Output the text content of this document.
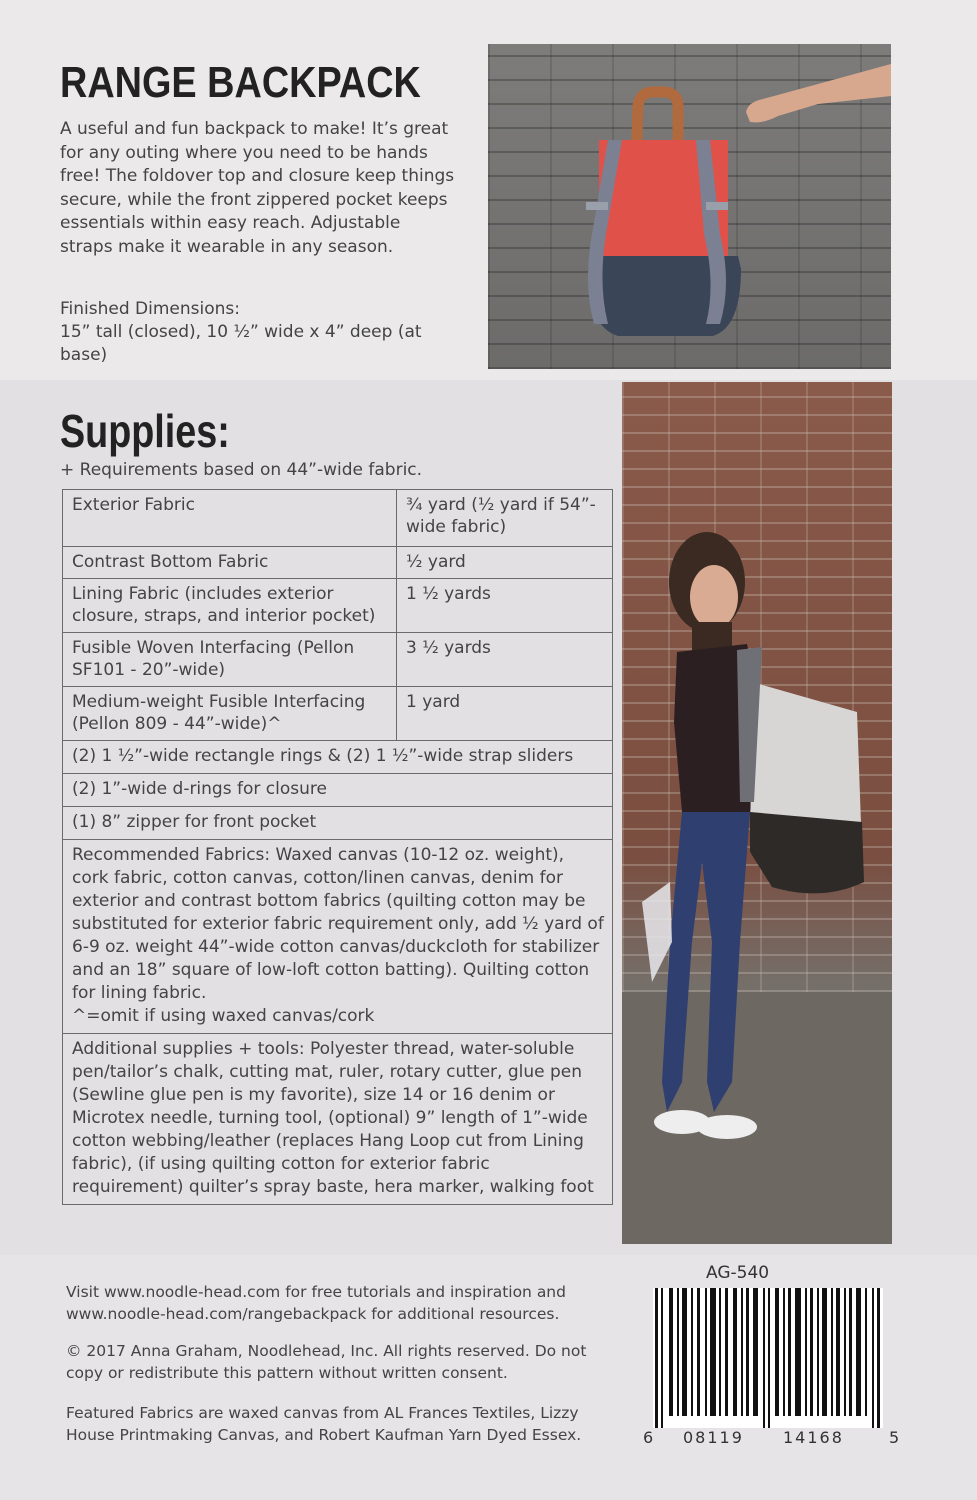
RANGE BACKPACK

A useful and fun backpack to make! It’s great for any outing where you need to be hands free! The foldover top and closure keep things secure, while the front zippered pocket keeps essentials within easy reach. Adjustable straps make it wearable in any season.

Finished Dimensions:

15” tall (closed), 10 ½” wide x 4” deep (at base)

Supplies:

+ Requirements based on 44”-wide fabric.

Exterior Fabric	¾ yard (½ yard if 54”-wide fabric)
Contrast Bottom Fabric	½ yard
Lining Fabric (includes exterior closure, straps, and interior pocket)	1 ½ yards
Fusible Woven Interfacing (Pellon SF101 - 20”-wide)	3 ½ yards
Medium-weight Fusible Interfacing (Pellon 809 - 44”-wide)^	1 yard
(2) 1 ½”-wide rectangle rings & (2) 1 ½”-wide strap sliders	
(2) 1”-wide d-rings for closure	
(1) 8” zipper for front pocket	

Recommended Fabrics: Waxed canvas (10-12 oz. weight), cork fabric, cotton canvas, cotton/linen canvas, denim for exterior and contrast bottom fabrics (quilting cotton may be substituted for exterior fabric requirement only, add ½ yard of 6-9 oz. weight 44”-wide cotton canvas/duckcloth for stabilizer and an 18” square of low-loft cotton batting). Quilting cotton for lining fabric.
^=omit if using waxed canvas/cork	

Additional supplies + tools: Polyester thread, water-soluble pen/tailor’s chalk, cutting mat, ruler, rotary cutter, glue pen (Sewline glue pen is my favorite), size 14 or 16 denim or Microtex needle, turning tool, (optional) 9” length of 1”-wide cotton webbing/leather (replaces Hang Loop cut from Lining fabric), (if using quilting cotton for exterior fabric requirement) quilter’s spray baste, hera marker, walking foot	

Visit www.noodle-head.com for free tutorials and inspiration and www.noodle-head.com/rangebackpack for additional resources.

© 2017 Anna Graham, Noodlehead, Inc. All rights reserved. Do not copy or redistribute this pattern without written consent.

Featured Fabrics are waxed canvas from AL Frances Textiles, Lizzy House Printmaking Canvas, and Robert Kaufman Yarn Dyed Essex.

AG-540
6 08119 14168	5
